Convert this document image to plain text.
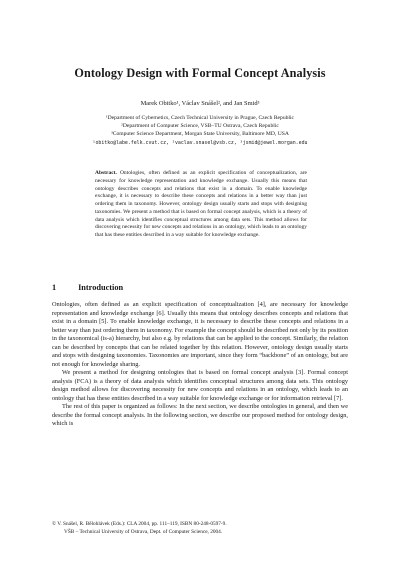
Ontology Design with Formal Concept Analysis
Marek Obitko¹, Václav Snášel², and Jan Smid³
¹Department of Cybernetics, Czech Technical University in Prague, Czech Republic
²Department of Computer Science, VSB–TU Ostrava, Czech Republic
³Computer Science Department, Morgan State University, Baltimore MD, USA
¹obitko@labe.felk.cvut.cz, ²vaclav.snasel@vsb.cz, ³jsmid@jewel.morgan.edu
Abstract. Ontologies, often defined as an explicit specification of conceptualization, are necessary for knowledge representation and knowledge exchange. Usually this means that ontology describes concepts and relations that exist in a domain. To enable knowledge exchange, it is necessary to describe these concepts and relations in a better way than just ordering them in taxonomy. However, ontology design usually starts and stops with designing taxonomies. We present a method that is based on formal concept analysis, which is a theory of data analysis which identifies conceptual structures among data sets. This method allows for discovering necessity for new concepts and relations in an ontology, which leads to an ontology that has these entities described in a way suitable for knowledge exchange.
1	Introduction

Ontologies, often defined as an explicit specification of conceptualization [4], are necessary for knowledge representation and knowledge exchange [6]. Usually this means that ontology describes concepts and relations that exist in a domain [5]. To enable knowledge exchange, it is necessary to describe these concepts and relations in a better way than just ordering them in taxonomy. For example the concept should be described not only by its position in the taxonomical (is-a) hierarchy, but also e.g. by relations that can be applied to the concept. Similarly, the relation can be described by concepts that can be related together by this relation. However, ontology design usually starts and stops with designing taxonomies. Taxonomies are important, since they form “backbone” of an ontology, but are not enough for knowledge sharing.

We present a method for designing ontologies that is based on formal concept analysis [3]. Formal concept analysis (FCA) is a theory of data analysis which identifies conceptual structures among data sets. This ontology design method allows for discovering necessity for new concepts and relations in an ontology, which leads to an ontology that has these entities described in a way suitable for knowledge exchange or for information retrieval [7].

The rest of this paper is organized as follows: In the next section, we describe ontologies in general, and then we describe the formal concept analysis. In the following section, we describe our proposed method for ontology design, which is

© V. Snášel, R. Bělohlávek (Eds.): CLA 2004, pp. 111–119, ISBN 80-248-0597-9.
VŠB – Technical University of Ostrava, Dept. of Computer Science, 2004.
